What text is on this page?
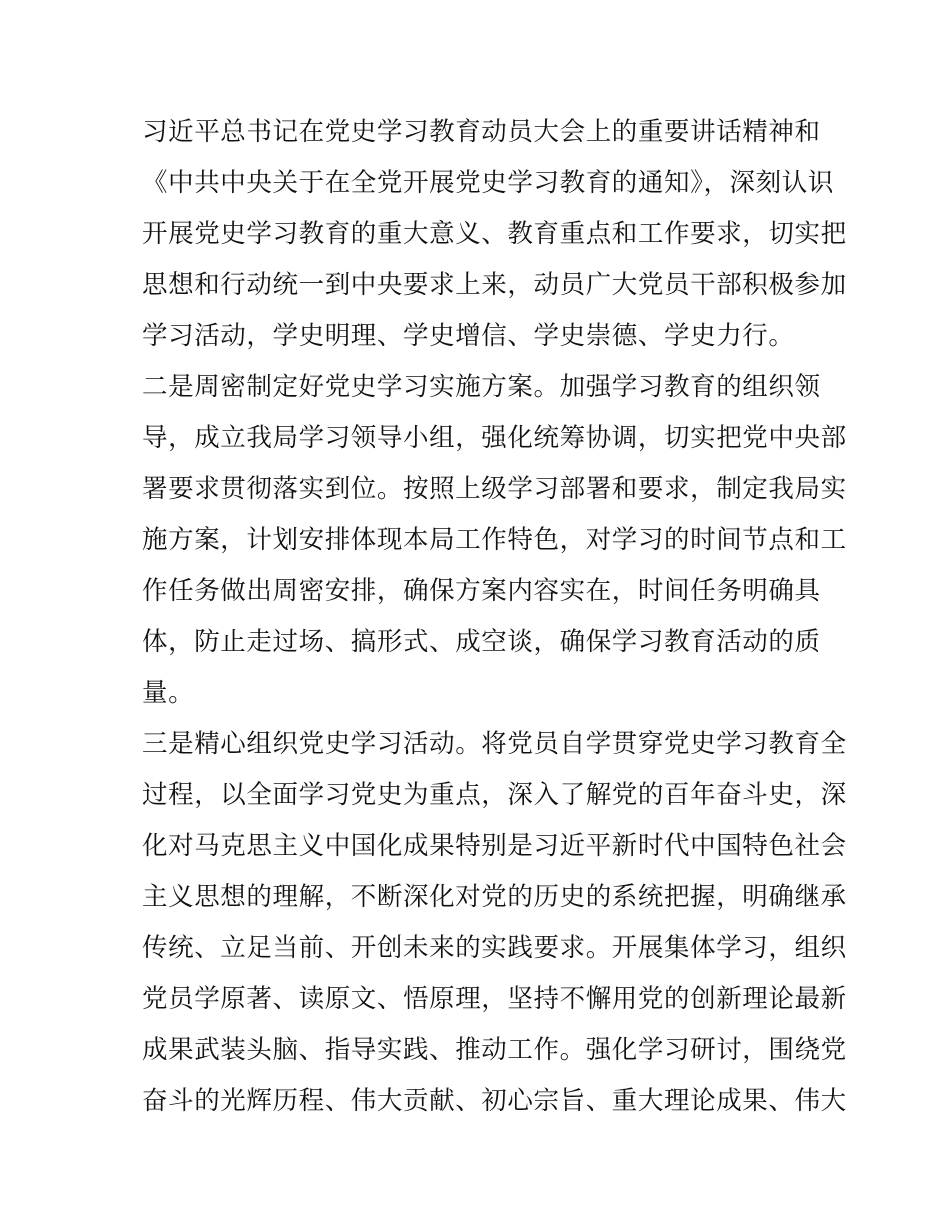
习近平总书记在党史学习教育动员大会上的重要讲话精神和
《中共中央关于在全党开展党史学习教育的通知》，深刻认识
开展党史学习教育的重大意义、教育重点和工作要求，切实把
思想和行动统一到中央要求上来，动员广大党员干部积极参加
学习活动，学史明理、学史增信、学史崇德、学史力行。
二是周密制定好党史学习实施方案。加强学习教育的组织领
导，成立我局学习领导小组，强化统筹协调，切实把党中央部
署要求贯彻落实到位。按照上级学习部署和要求，制定我局实
施方案，计划安排体现本局工作特色，对学习的时间节点和工
作任务做出周密安排，确保方案内容实在，时间任务明确具
体，防止走过场、搞形式、成空谈，确保学习教育活动的质
量。
三是精心组织党史学习活动。将党员自学贯穿党史学习教育全
过程，以全面学习党史为重点，深入了解党的百年奋斗史，深
化对马克思主义中国化成果特别是习近平新时代中国特色社会
主义思想的理解，不断深化对党的历史的系统把握，明确继承
传统、立足当前、开创未来的实践要求。开展集体学习，组织
党员学原著、读原文、悟原理，坚持不懈用党的创新理论最新
成果武装头脑、指导实践、推动工作。强化学习研讨，围绕党
奋斗的光辉历程、伟大贡献、初心宗旨、重大理论成果、伟大
